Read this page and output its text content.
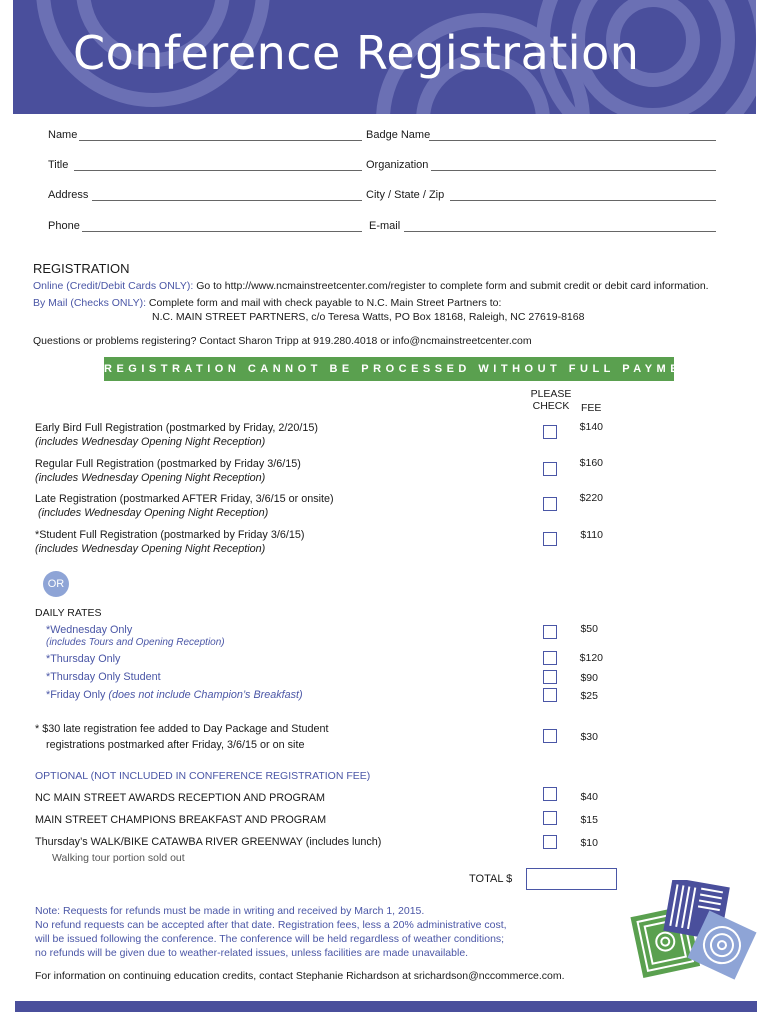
Conference Registration
Name	Badge Name
Title	Organization
Address	City / State / Zip
Phone	E-mail
REGISTRATION
Online (Credit/Debit Cards ONLY): Go to http://www.ncmainstreetcenter.com/register to complete form and submit credit or debit card information.
By Mail (Checks ONLY): Complete form and mail with check payable to N.C. Main Street Partners to:
N.C. MAIN STREET PARTNERS, c/o Teresa Watts, PO Box 18168, Raleigh, NC 27619-8168
Questions or problems registering? Contact Sharon Tripp at 919.280.4018 or info@ncmainstreetcenter.com
REGISTRATION CANNOT BE PROCESSED WITHOUT FULL PAYMENT
PLEASE
CHECK	FEE
Early Bird Full Registration (postmarked by Friday, 2/20/15)
(includes Wednesday Opening Night Reception)
$140
Regular Full Registration (postmarked by Friday 3/6/15)
(includes Wednesday Opening Night Reception)
$160
Late Registration (postmarked AFTER Friday, 3/6/15 or onsite)
(includes Wednesday Opening Night Reception)
$220
*Student Full Registration (postmarked by Friday 3/6/15)
(includes Wednesday Opening Night Reception)
$110
OR
DAILY RATES
*Wednesday Only
(includes Tours and Opening Reception)
$50
*Thursday Only	$120
*Thursday Only Student	$90
*Friday Only (does not include Champion’s Breakfast)	$25
* $30 late registration fee added to Day Package and Student
registrations postmarked after Friday, 3/6/15 or on site
$30
OPTIONAL (NOT INCLUDED IN CONFERENCE REGISTRATION FEE)
NC MAIN STREET AWARDS RECEPTION AND PROGRAM	$40
MAIN STREET CHAMPIONS BREAKFAST AND PROGRAM	$15
Thursday’s WALK/BIKE CATAWBA RIVER GREENWAY (includes lunch)	$10
Walking tour portion sold out
TOTAL $
Note: Requests for refunds must be made in writing and received by March 1, 2015.
No refund requests can be accepted after that date. Registration fees, less a 20% administrative cost,
will be issued following the conference. The conference will be held regardless of weather conditions;
no refunds will be given due to weather-related issues, unless facilities are made unavailable.
For information on continuing education credits, contact Stephanie Richardson at srichardson@nccommerce.com.
